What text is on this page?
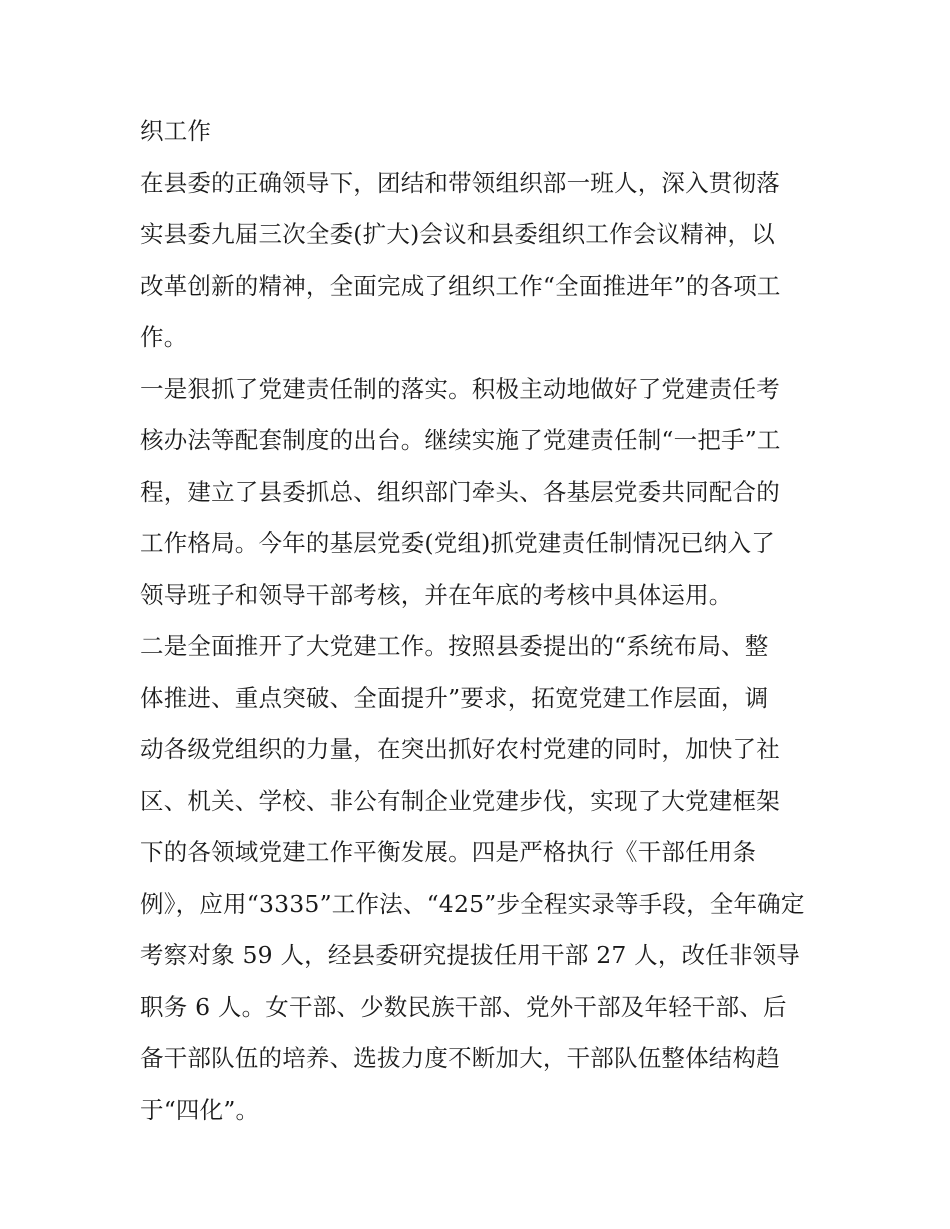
织工作
在县委的正确领导下，团结和带领组织部一班人，深入贯彻落
实县委九届三次全委(扩大)会议和县委组织工作会议精神，以
改革创新的精神，全面完成了组织工作“全面推进年”的各项工
作。
一是狠抓了党建责任制的落实。积极主动地做好了党建责任考
核办法等配套制度的出台。继续实施了党建责任制“一把手”工
程，建立了县委抓总、组织部门牵头、各基层党委共同配合的
工作格局。今年的基层党委(党组)抓党建责任制情况已纳入了
领导班子和领导干部考核，并在年底的考核中具体运用。
二是全面推开了大党建工作。按照县委提出的“系统布局、整
体推进、重点突破、全面提升”要求，拓宽党建工作层面，调
动各级党组织的力量，在突出抓好农村党建的同时，加快了社
区、机关、学校、非公有制企业党建步伐，实现了大党建框架
下的各领域党建工作平衡发展。四是严格执行《干部任用条
例》，应用“3335”工作法、“425”步全程实录等手段，全年确定
考察对象 59 人，经县委研究提拔任用干部 27 人，改任非领导
职务 6 人。女干部、少数民族干部、党外干部及年轻干部、后
备干部队伍的培养、选拔力度不断加大，干部队伍整体结构趋
于“四化”。
